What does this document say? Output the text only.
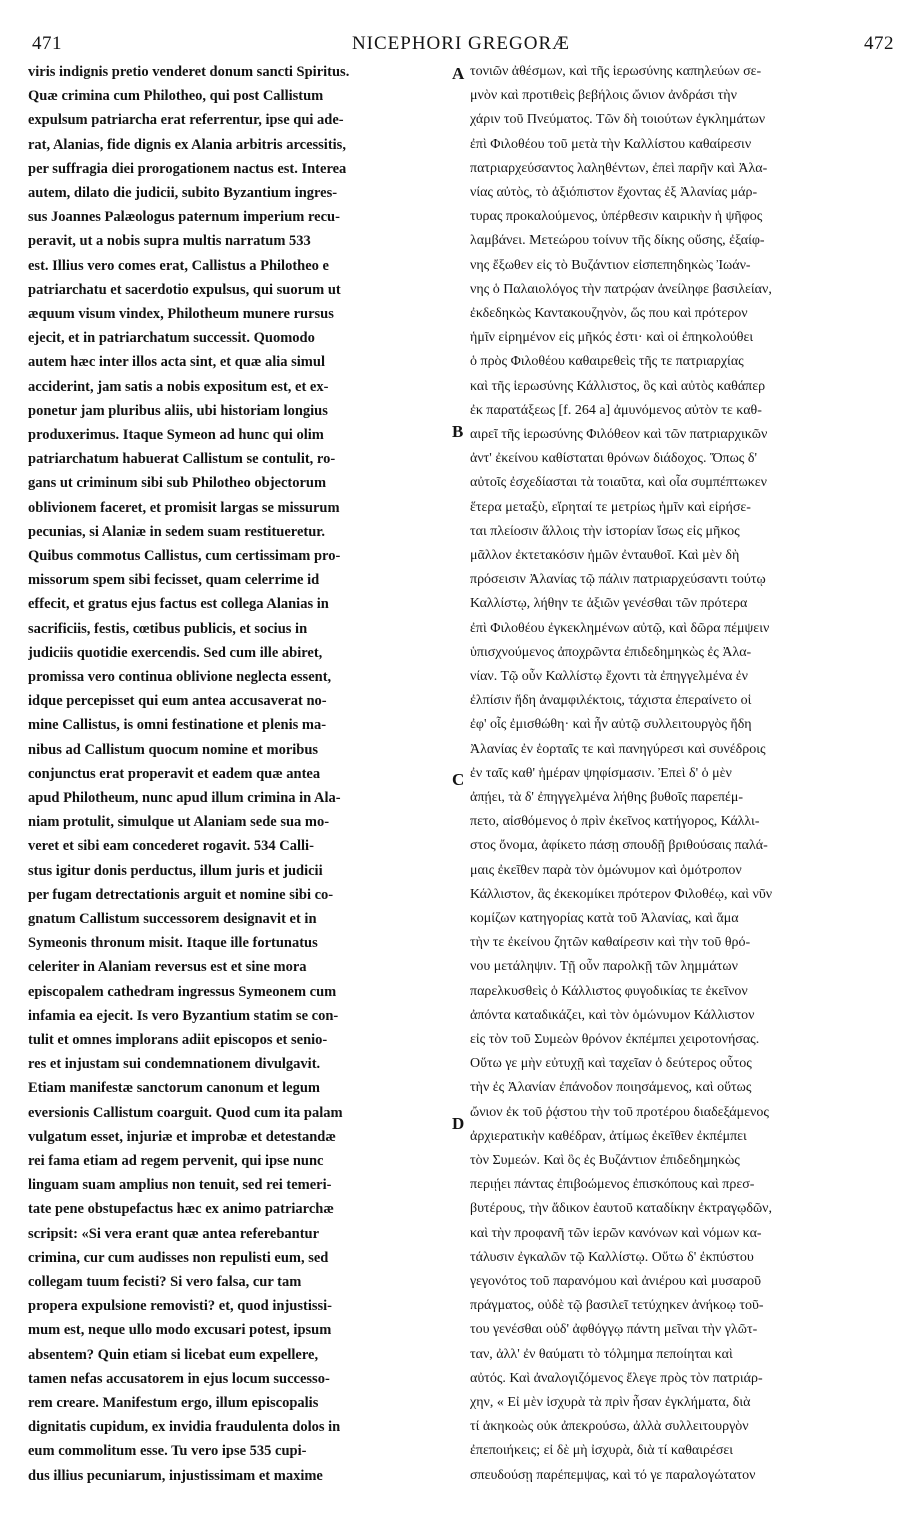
471	NICEPHORI GREGORÆ	472
viris indignis pretio venderet donum sancti Spiritus.
Quæ crimina cum Philotheo, qui post Callistum
expulsum patriarcha erat referrentur, ipse qui ade-
rat, Alanias, fide dignis ex Alania arbitris arcessitis,
per suffragia diei prorogationem nactus est. Interea
autem, dilato die judicii, subito Byzantium ingres-
sus Joannes Palæologus paternum imperium recu-
peravit, ut a nobis supra multis narratum 533
est. Illius vero comes erat, Callistus a Philotheo e
patriarchatu et sacerdotio expulsus, qui suorum ut
æquum visum vindex, Philotheum munere rursus
ejecit, et in patriarchatum successit. Quomodo
autem hæc inter illos acta sint, et quæ alia simul
acciderint, jam satis a nobis expositum est, et ex-
ponetur jam pluribus aliis, ubi historiam longius
produxerimus. Itaque Symeon ad hunc qui olim
patriarchatum habuerat Callistum se contulit, ro-
gans ut criminum sibi sub Philotheo objectorum
oblivionem faceret, et promisit largas se missurum
pecunias, si Alaniæ in sedem suam restitueretur.
Quibus commotus Callistus, cum certissimam pro-
missorum spem sibi fecisset, quam celerrime id
effecit, et gratus ejus factus est collega Alanias in
sacrificiis, festis, cœtibus publicis, et socius in
judiciis quotidie exercendis. Sed cum ille abiret,
promissa vero continua oblivione neglecta essent,
idque percepisset qui eum antea accusaverat no-
mine Callistus, is omni festinatione et plenis ma-
nibus ad Callistum quocum nomine et moribus
conjunctus erat properavit et eadem quæ antea
apud Philotheum, nunc apud illum crimina in Ala-
niam protulit, simulque ut Alaniam sede sua mo-
veret et sibi eam concederet rogavit. 534 Calli-
stus igitur donis perductus, illum juris et judicii
per fugam detrectationis arguit et nomine sibi co-
gnatum Callistum successorem designavit et in
Symeonis thronum misit. Itaque ille fortunatus
celeriter in Alaniam reversus est et sine mora
episcopalem cathedram ingressus Symeonem cum
infamia ea ejecit. Is vero Byzantium statim se con-
tulit et omnes implorans adiit episcopos et senio-
res et injustam sui condemnationem divulgavit.
Etiam manifestæ sanctorum canonum et legum
eversionis Callistum coarguit. Quod cum ita palam
vulgatum esset, injuriæ et improbæ et detestandæ
rei fama etiam ad regem pervenit, qui ipse nunc
linguam suam amplius non tenuit, sed rei temeri-
tate pene obstupefactus hæc ex animo patriarchæ
scripsit: «Si vera erant quæ antea referebantur
crimina, cur cum audisses non repulisti eum, sed
collegam tuum fecisti? Si vero falsa, cur tam
propera expulsione removisti? et, quod injustissi-
mum est, neque ullo modo excusari potest, ipsum
absentem? Quin etiam si licebat eum expellere,
tamen nefas accusatorem in ejus locum successo-
rem creare. Manifestum ergo, illum episcopalis
dignitatis cupidum, ex invidia fraudulenta dolos in
eum commolitum esse. Tu vero ipse 535 cupi-
dus illius pecuniarum, injustissimam et maxime
τονιῶν ἀθέσμων, καὶ τῆς ἱερωσύνης καπηλεύων σε-
μνὸν καὶ προτιθεὶς βεβήλοις ὤνιον ἀνδράσι τὴν
χάριν τοῦ Πνεύματος. Τῶν δὴ τοιούτων ἐγκλημάτων
ἐπὶ Φιλοθέου τοῦ μετὰ τὴν Καλλίστου καθαίρεσιν
πατριαρχεύσαντος λαληθέντων, ἐπεὶ παρῆν καὶ Ἀλα-
νίας αὐτὸς, τὸ ἀξιόπιστον ἔχοντας ἐξ Ἀλανίας μάρ-
τυρας προκαλούμενος, ὑπέρθεσιν καιρικὴν ἡ ψῆφος
λαμβάνει. Μετεώρου τοίνυν τῆς δίκης οὔσης, ἐξαίφ-
νης ἔξωθεν εἰς τὸ Βυζάντιον εἰσπεπηδηκὼς Ἰωάν-
νης ὁ Παλαιολόγος τὴν πατρῴαν ἀνείληφε βασιλείαν,
ἐκδεδηκὼς Καντακουζηνὸν, ὥς που καὶ πρότερον
ἡμῖν εἰρημένον εἰς μῆκός ἐστι· καὶ οἱ ἐπηκολούθει
ὁ πρὸς Φιλοθέου καθαιρεθεὶς τῆς τε πατριαρχίας
καὶ τῆς ἱερωσύνης Κάλλιστος, ὃς καὶ αὐτὸς καθάπερ
ἐκ παρατάξεως [f. 264 a] ἀμυνόμενος αὐτὸν τε καθ-
αιρεῖ τῆς ἱερωσύνης Φιλόθεον καὶ τῶν πατριαρχικῶν
ἀντ' ἐκείνου καθίσταται θρόνων διάδοχος. Ὅπως δ'
αὐτοῖς ἐσχεδίασται τὰ τοιαῦτα, καὶ οἷα συμπέπτωκεν
ἕτερα μεταξὺ, εἴρηταί τε μετρίως ἡμῖν καὶ εἰρήσε-
ται πλείοσιν ἄλλοις τὴν ἱστορίαν ἴσως εἰς μῆκος
μᾶλλον ἐκτετακόσιν ἡμῶν ἐνταυθοῖ. Καὶ μὲν δὴ
πρόσεισιν Ἀλανίας τῷ πάλιν πατριαρχεύσαντι τούτῳ
Καλλίστῳ, λήθην τε ἀξιῶν γενέσθαι τῶν πρότερα
ἐπὶ Φιλοθέου ἐγκεκλημένων αὐτῷ, καὶ δῶρα πέμψειν
ὑπισχνούμενος ἀποχρῶντα ἐπιδεδημηκὼς ἐς Ἀλα-
νίαν. Τῷ οὖν Καλλίστῳ ἔχοντι τὰ ἐπηγγελμένα ἐν
ἐλπίσιν ἤδη ἀναμφιλέκτοις, τάχιστα ἐπεραίνετο οἱ
ἐφ' οἷς ἐμισθώθη· καὶ ἦν αὐτῷ συλλειτουργὸς ἤδη
Ἀλανίας ἐν ἑορταῖς τε καὶ πανηγύρεσι καὶ συνέδροις
ἐν ταῖς καθ' ἡμέραν ψηφίσμασιν. Ἐπεὶ δ' ὁ μὲν
ἀπῄει, τὰ δ' ἐπηγγελμένα λήθης βυθοῖς παρεπέμ-
πετο, αἰσθόμενος ὁ πρὶν ἐκεῖνος κατήγορος, Κάλλι-
στος ὄνομα, ἀφίκετο πάσῃ σπουδῇ βριθούσαις παλά-
μαις ἐκεῖθεν παρὰ τὸν ὁμώνυμον καὶ ὁμότροπον
Κάλλιστον, ἃς ἐκεκομίκει πρότερον Φιλοθέῳ, καὶ νῦν
κομίζων κατηγορίας κατὰ τοῦ Ἀλανίας, καὶ ἅμα
τὴν τε ἐκείνου ζητῶν καθαίρεσιν καὶ τὴν τοῦ θρό-
νου μετάληψιν. Τῇ οὖν παρολκῇ τῶν λημμάτων
παρελκυσθεὶς ὁ Κάλλιστος φυγοδικίας τε ἐκεῖνον
ἀπόντα καταδικάζει, καὶ τὸν ὁμώνυμον Κάλλιστον
εἰς τὸν τοῦ Συμεὼν θρόνον ἐκπέμπει χειροτονήσας.
Οὕτω γε μὴν εὐτυχῇ καὶ ταχεῖαν ὁ δεύτερος οὗτος
τὴν ἐς Ἀλανίαν ἐπάνοδον ποιησάμενος, καὶ οὕτως
ὤνιον ἐκ τοῦ ῥᾴστου τὴν τοῦ προτέρου διαδεξάμενος
ἀρχιερατικὴν καθέδραν, ἀτίμως ἐκεῖθεν ἐκπέμπει
τὸν Συμεών. Καὶ ὃς ἐς Βυζάντιον ἐπιδεδημηκὼς
περιῄει πάντας ἐπιβοώμενος ἐπισκόπους καὶ πρεσ-
βυτέρους, τὴν ἄδικον ἑαυτοῦ καταδίκην ἐκτραγῳδῶν,
καὶ τὴν προφανῆ τῶν ἱερῶν κανόνων καὶ νόμων κα-
τάλυσιν ἐγκαλῶν τῷ Καλλίστῳ. Οὕτω δ' ἐκπύστου
γεγονότος τοῦ παρανόμου καὶ ἀνιέρου καὶ μυσαροῦ
πράγματος, οὐδὲ τῷ βασιλεῖ τετύχηκεν ἀνήκοῳ τοῦ-
του γενέσθαι οὐδ' ἀφθόγγῳ πάντη μεῖναι τὴν γλῶτ-
ταν, ἀλλ' ἐν θαύματι τὸ τόλμημα πεποίηται καὶ
αὐτός. Καὶ ἀναλογιζόμενος ἔλεγε πρὸς τὸν πατριάρ-
χην, « Εἰ μὲν ἰσχυρὰ τὰ πρὶν ἦσαν ἐγκλήματα, διὰ
τί ἀκηκοὼς οὐκ ἀπεκρούσω, ἀλλὰ συλλειτουργὸν
ἐπεποιήκεις; εἰ δὲ μὴ ἰσχυρὰ, διὰ τί καθαιρέσει
σπευδούσῃ παρέπεμψας, καὶ τό γε παραλογώτατον
A
B
C
D
